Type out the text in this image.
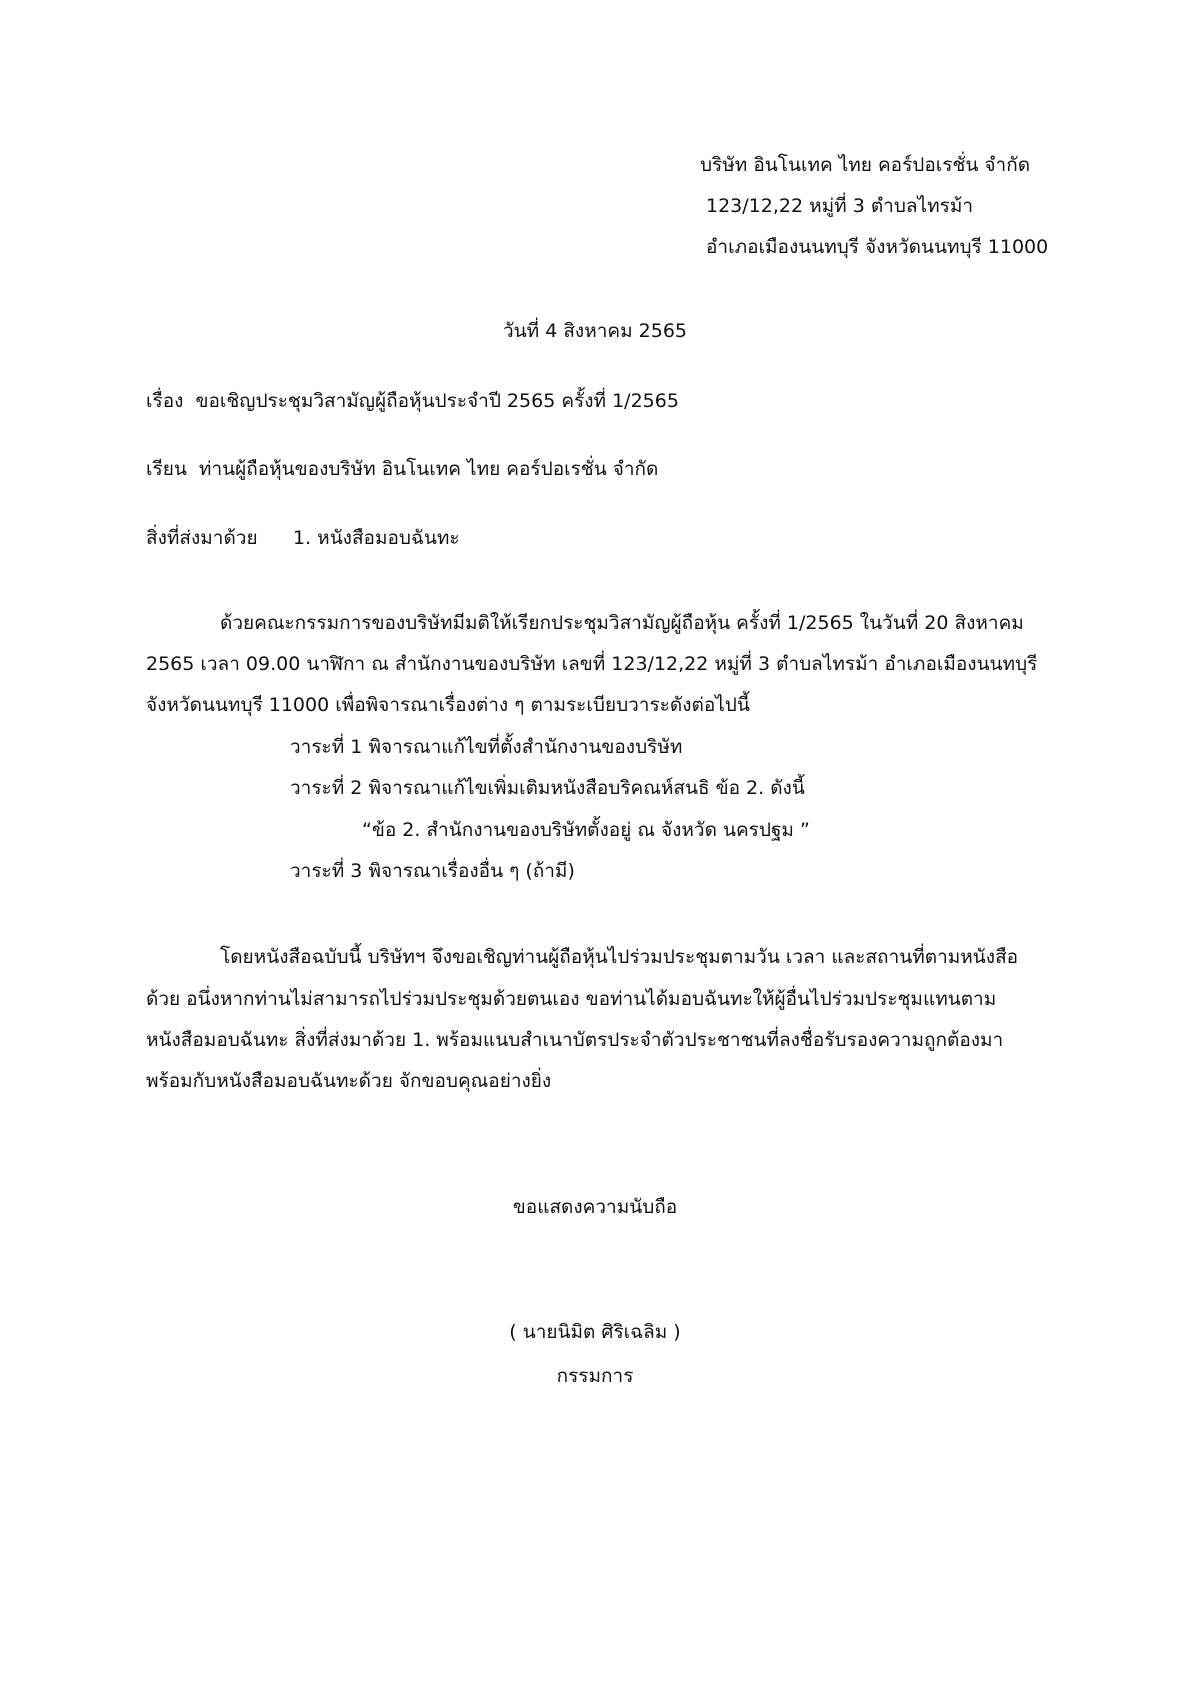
บริษัท อินโนเทค ไทย คอร์ปอเรชั่น จำกัด
123/12,22 หมู่ที่ 3 ตำบลไทรม้า
อำเภอเมืองนนทบุรี จังหวัดนนทบุรี 11000
วันที่ 4 สิงหาคม 2565
เรื่อง ขอเชิญประชุมวิสามัญผู้ถือหุ้นประจำปี 2565 ครั้งที่ 1/2565
เรียน ท่านผู้ถือหุ้นของบริษัท อินโนเทค ไทย คอร์ปอเรชั่น จำกัด
สิ่งที่ส่งมาด้วย 1. หนังสือมอบฉันทะ
ด้วยคณะกรรมการของบริษัทมีมติให้เรียกประชุมวิสามัญผู้ถือหุ้น ครั้งที่ 1/2565 ในวันที่ 20 สิงหาคม
2565 เวลา 09.00 นาฬิกา ณ สำนักงานของบริษัท เลขที่ 123/12,22 หมู่ที่ 3 ตำบลไทรม้า อำเภอเมืองนนทบุรี
จังหวัดนนทบุรี 11000 เพื่อพิจารณาเรื่องต่าง ๆ ตามระเบียบวาระดังต่อไปนี้
วาระที่ 1 พิจารณาแก้ไขที่ตั้งสำนักงานของบริษัท
วาระที่ 2 พิจารณาแก้ไขเพิ่มเติมหนังสือบริคณห์สนธิ ข้อ 2. ดังนี้
“ข้อ 2. สำนักงานของบริษัทตั้งอยู่ ณ จังหวัด นครปฐม ”
วาระที่ 3 พิจารณาเรื่องอื่น ๆ (ถ้ามี)
โดยหนังสือฉบับนี้ บริษัทฯ จึงขอเชิญท่านผู้ถือหุ้นไปร่วมประชุมตามวัน เวลา และสถานที่ตามหนังสือ
ด้วย อนึ่งหากท่านไม่สามารถไปร่วมประชุมด้วยตนเอง ขอท่านได้มอบฉันทะให้ผู้อื่นไปร่วมประชุมแทนตาม
หนังสือมอบฉันทะ สิ่งที่ส่งมาด้วย 1. พร้อมแนบสำเนาบัตรประจำตัวประชาชนที่ลงชื่อรับรองความถูกต้องมา
พร้อมกับหนังสือมอบฉันทะด้วย จักขอบคุณอย่างยิ่ง
ขอแสดงความนับถือ
( นายนิมิต ศิริเฉลิม )
กรรมการ
